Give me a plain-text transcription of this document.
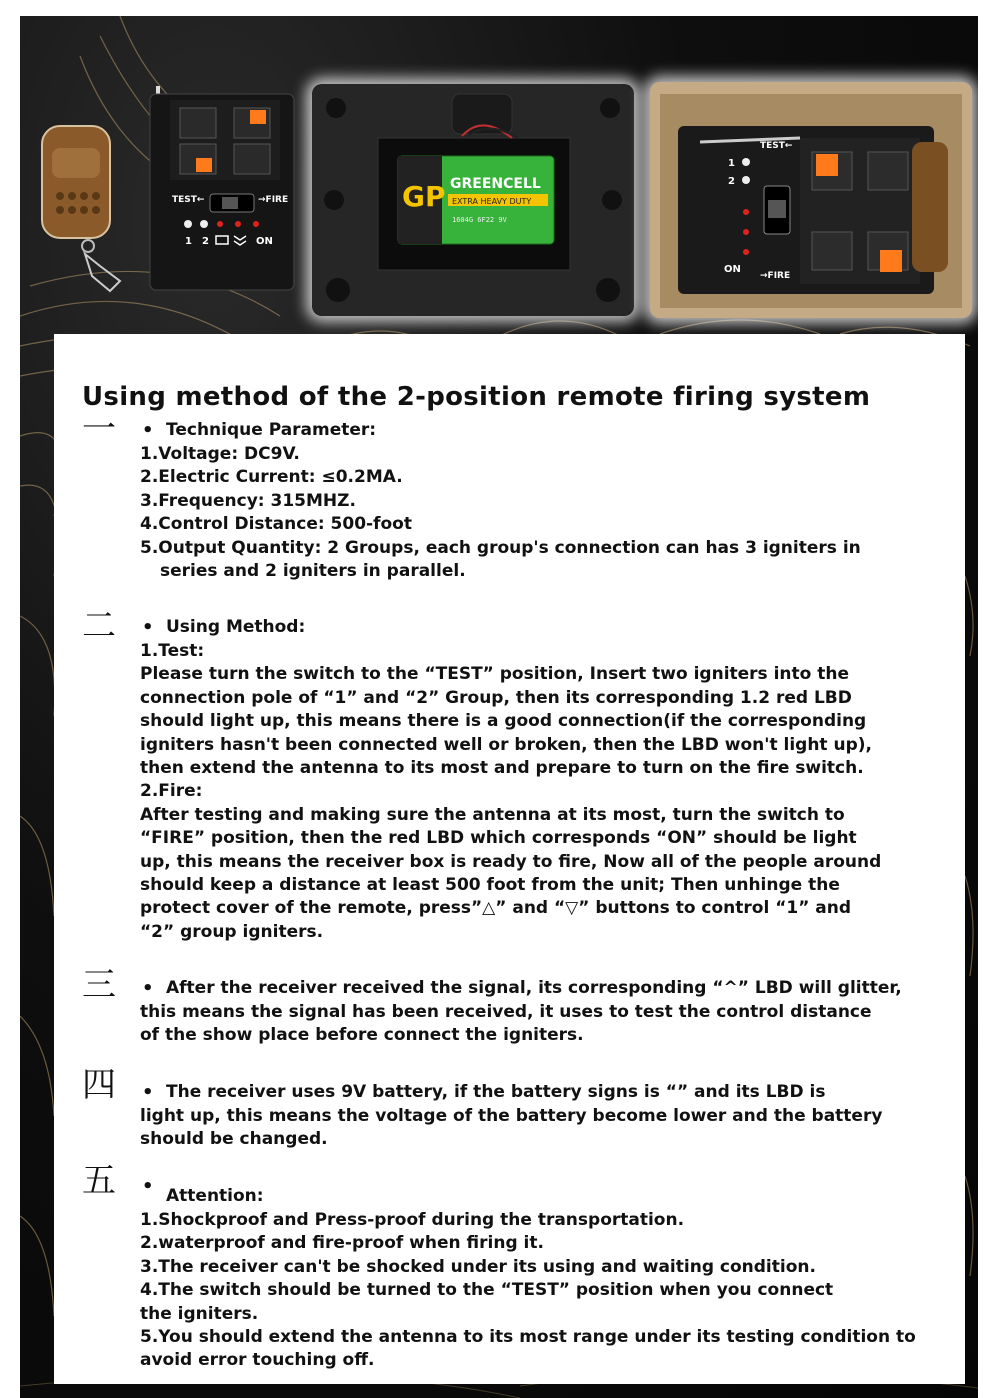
TEST←	→FIRE
1 2	ON
GP GREENCELL
EXTRA HEAVY DUTY
1604G 6F22 9V
1
2
ON
TEST←
→FIRE
Using method of the 2-position remote firing system
一 • Technique Parameter:
1.Voltage: DC9V.
2.Electric Current: ≤0.2MA.
3.Frequency: 315MHZ.
4.Control Distance: 500-foot
5.Output Quantity: 2 Groups, each group's connection can has 3 igniters in
series and 2 igniters in parallel.
二 • Using Method:
1.Test:
Please turn the switch to the “TEST” position, Insert two igniters into the
connection pole of “1” and “2” Group, then its corresponding 1.2 red LBD
should light up, this means there is a good connection(if the corresponding
igniters hasn't been connected well or broken, then the LBD won't light up),
then extend the antenna to its most and prepare to turn on the fire switch.
2.Fire:
After testing and making sure the antenna at its most, turn the switch to
“FIRE” position, then the red LBD which corresponds “ON” should be light
up, this means the receiver box is ready to fire, Now all of the people around
should keep a distance at least 500 foot from the unit; Then unhinge the
protect cover of the remote, press”△” and “▽” buttons to control “1” and
“2” group igniters.
三 • After the receiver received the signal, its corresponding “^” LBD will glitter,
this means the signal has been received, it uses to test the control distance
of the show place before connect the igniters.
四 • The receiver uses 9V battery, if the battery signs is “” and its LBD is
light up, this means the voltage of the battery become lower and the battery
should be changed.
五 • Attention:
1.Shockproof and Press-proof during the transportation.
2.waterproof and fire-proof when firing it.
3.The receiver can't be shocked under its using and waiting condition.
4.The switch should be turned to the “TEST” position when you connect
the igniters.
5.You should extend the antenna to its most range under its testing condition to
avoid error touching off.
